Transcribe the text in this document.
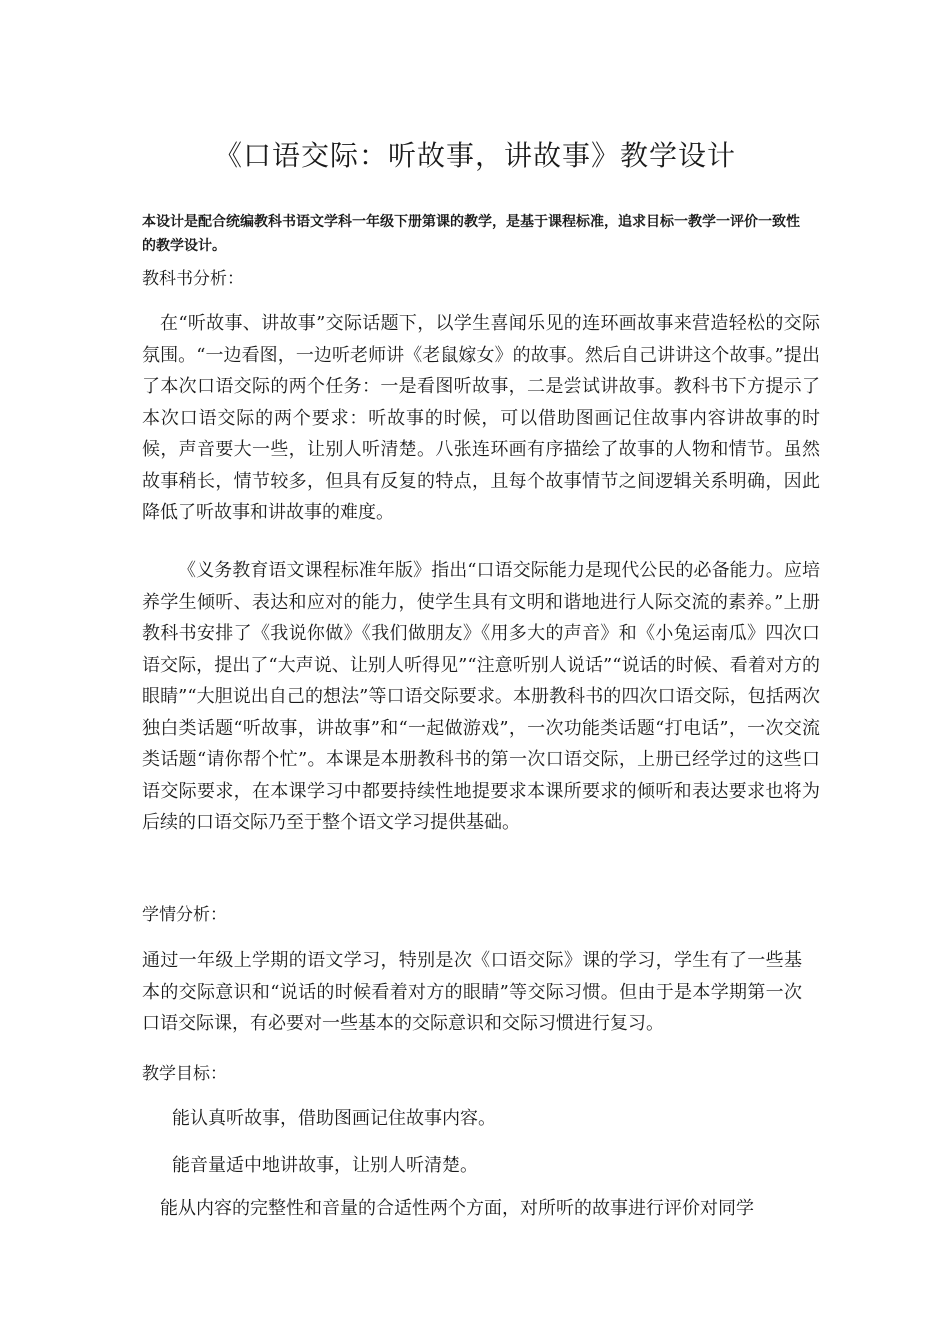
《口语交际：听故事，讲故事》教学设计
本设计是配合统编教科书语文学科一年级下册第课的教学，是基于课程标准，追求目标一教学一评价一致性的教学设计。
教科书分析：
在“听故事、讲故事”交际话题下，以学生喜闻乐见的连环画故事来营造轻松的交际氛围。“一边看图，一边听老师讲《老鼠嫁女》的故事。然后自己讲讲这个故事。”提出了本次口语交际的两个任务：一是看图听故事，二是尝试讲故事。教科书下方提示了本次口语交际的两个要求：听故事的时候，可以借助图画记住故事内容讲故事的时候，声音要大一些，让别人听清楚。八张连环画有序描绘了故事的人物和情节。虽然故事稍长，情节较多，但具有反复的特点，且每个故事情节之间逻辑关系明确，因此降低了听故事和讲故事的难度。
《义务教育语文课程标准年版》指出“口语交际能力是现代公民的必备能力。应培养学生倾听、表达和应对的能力，使学生具有文明和谐地进行人际交流的素养。”上册教科书安排了《我说你做》《我们做朋友》《用多大的声音》和《小兔运南瓜》四次口语交际，提出了“大声说、让别人听得见”“注意听别人说话”“说话的时候、看着对方的眼睛”“大胆说出自己的想法”等口语交际要求。本册教科书的四次口语交际，包括两次独白类话题“听故事，讲故事”和“一起做游戏”，一次功能类话题“打电话”，一次交流类话题“请你帮个忙”。本课是本册教科书的第一次口语交际，上册已经学过的这些口语交际要求，在本课学习中都要持续性地提要求本课所要求的倾听和表达要求也将为后续的口语交际乃至于整个语文学习提供基础。
学情分析：
通过一年级上学期的语文学习，特别是次《口语交际》课的学习，学生有了一些基本的交际意识和“说话的时候看着对方的眼睛”等交际习惯。但由于是本学期第一次口语交际课，有必要对一些基本的交际意识和交际习惯进行复习。
教学目标：
能认真听故事，借助图画记住故事内容。
能音量适中地讲故事，让别人听清楚。
能从内容的完整性和音量的合适性两个方面，对所听的故事进行评价对同学
